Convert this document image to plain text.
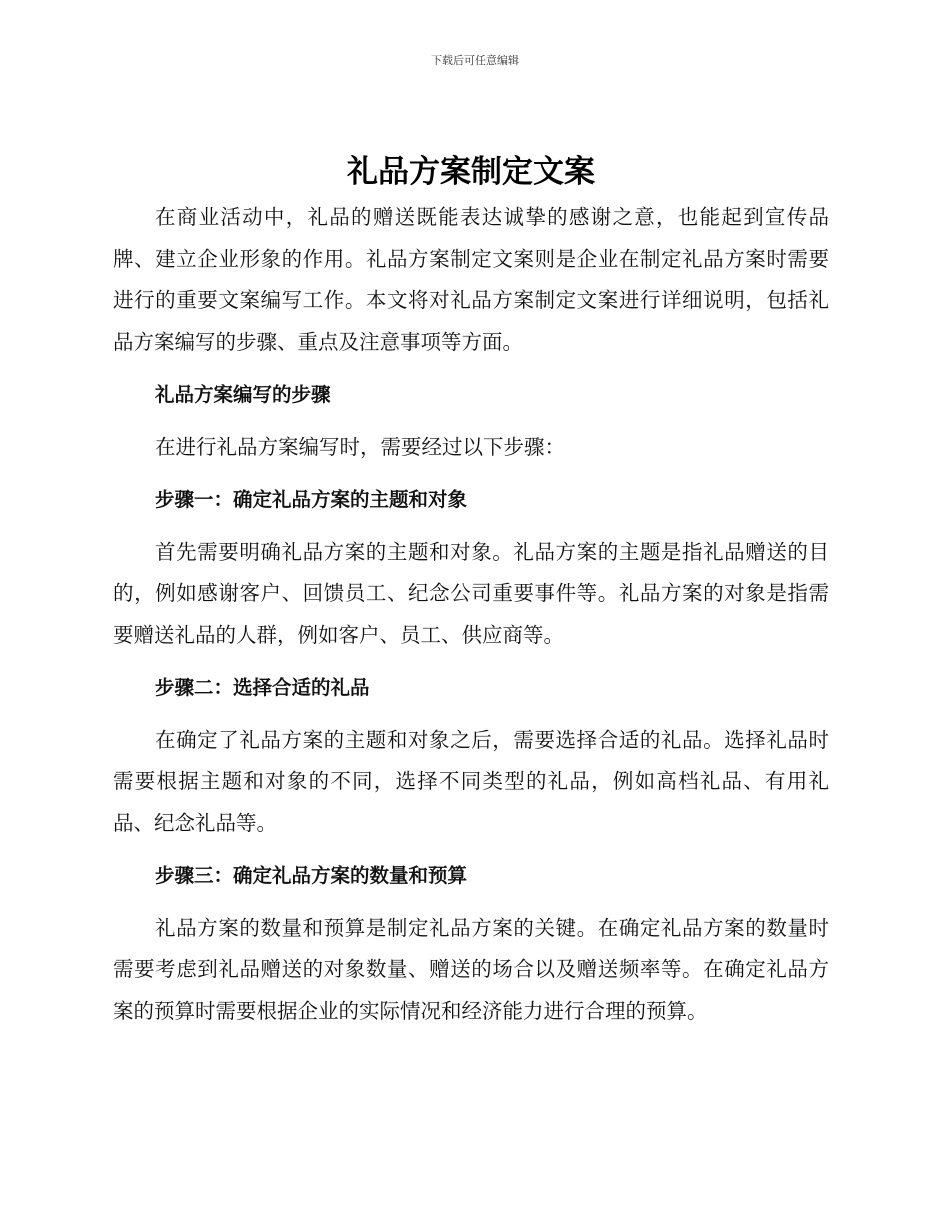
下载后可任意编辑
礼品方案制定文案

在商业活动中，礼品的赠送既能表达诚挚的感谢之意，也能起到宣传品牌、建立企业形象的作用。礼品方案制定文案则是企业在制定礼品方案时需要进行的重要文案编写工作。本文将对礼品方案制定文案进行详细说明，包括礼品方案编写的步骤、重点及注意事项等方面。

礼品方案编写的步骤

在进行礼品方案编写时，需要经过以下步骤：

步骤一：确定礼品方案的主题和对象

首先需要明确礼品方案的主题和对象。礼品方案的主题是指礼品赠送的目的，例如感谢客户、回馈员工、纪念公司重要事件等。礼品方案的对象是指需要赠送礼品的人群，例如客户、员工、供应商等。

步骤二：选择合适的礼品

在确定了礼品方案的主题和对象之后，需要选择合适的礼品。选择礼品时需要根据主题和对象的不同，选择不同类型的礼品，例如高档礼品、有用礼品、纪念礼品等。

步骤三：确定礼品方案的数量和预算

礼品方案的数量和预算是制定礼品方案的关键。在确定礼品方案的数量时需要考虑到礼品赠送的对象数量、赠送的场合以及赠送频率等。在确定礼品方案的预算时需要根据企业的实际情况和经济能力进行合理的预算。
